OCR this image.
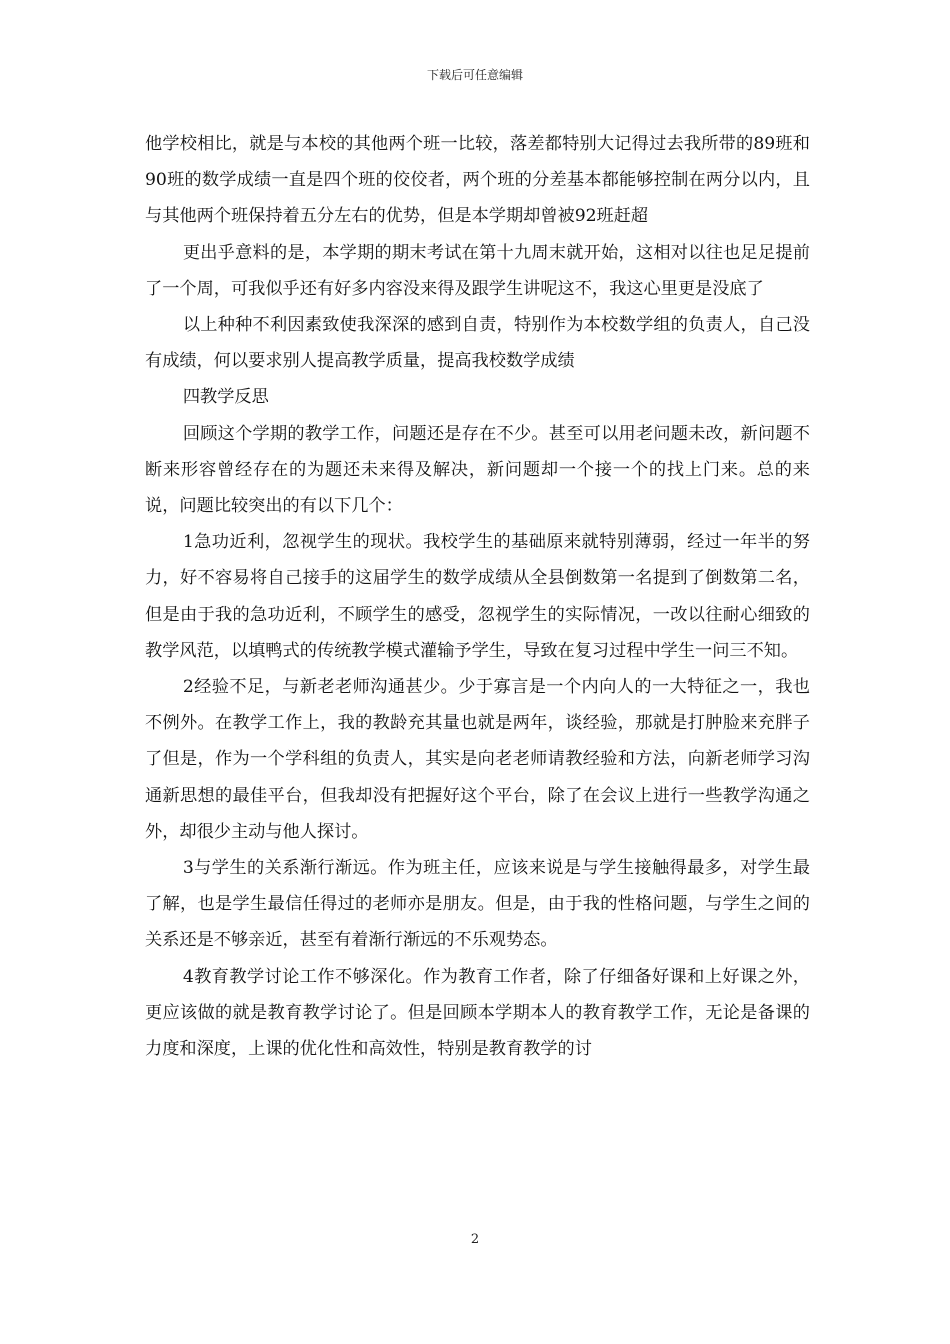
下载后可任意编辑

他学校相比，就是与本校的其他两个班一比较，落差都特别大记得过去我所带的89班和90班的数学成绩一直是四个班的佼佼者，两个班的分差基本都能够控制在两分以内，且与其他两个班保持着五分左右的优势，但是本学期却曾被92班赶超

更出乎意料的是，本学期的期末考试在第十九周末就开始，这相对以往也足足提前了一个周，可我似乎还有好多内容没来得及跟学生讲呢这不，我这心里更是没底了

以上种种不利因素致使我深深的感到自责，特别作为本校数学组的负责人，自己没有成绩，何以要求别人提高教学质量，提高我校数学成绩

四教学反思

回顾这个学期的教学工作，问题还是存在不少。甚至可以用老问题未改，新问题不断来形容曾经存在的为题还未来得及解决，新问题却一个接一个的找上门来。总的来说，问题比较突出的有以下几个：

1急功近利，忽视学生的现状。我校学生的基础原来就特别薄弱，经过一年半的努力，好不容易将自己接手的这届学生的数学成绩从全县倒数第一名提到了倒数第二名，但是由于我的急功近利，不顾学生的感受，忽视学生的实际情况，一改以往耐心细致的教学风范，以填鸭式的传统教学模式灌输予学生，导致在复习过程中学生一问三不知。

2经验不足，与新老老师沟通甚少。少于寡言是一个内向人的一大特征之一，我也不例外。在教学工作上，我的教龄充其量也就是两年，谈经验，那就是打肿脸来充胖子了但是，作为一个学科组的负责人，其实是向老老师请教经验和方法，向新老师学习沟通新思想的最佳平台，但我却没有把握好这个平台，除了在会议上进行一些教学沟通之外，却很少主动与他人探讨。

3与学生的关系渐行渐远。作为班主任，应该来说是与学生接触得最多，对学生最了解，也是学生最信任得过的老师亦是朋友。但是，由于我的性格问题，与学生之间的关系还是不够亲近，甚至有着渐行渐远的不乐观势态。

4教育教学讨论工作不够深化。作为教育工作者，除了仔细备好课和上好课之外，更应该做的就是教育教学讨论了。但是回顾本学期本人的教育教学工作，无论是备课的力度和深度，上课的优化性和高效性，特别是教育教学的讨

2
